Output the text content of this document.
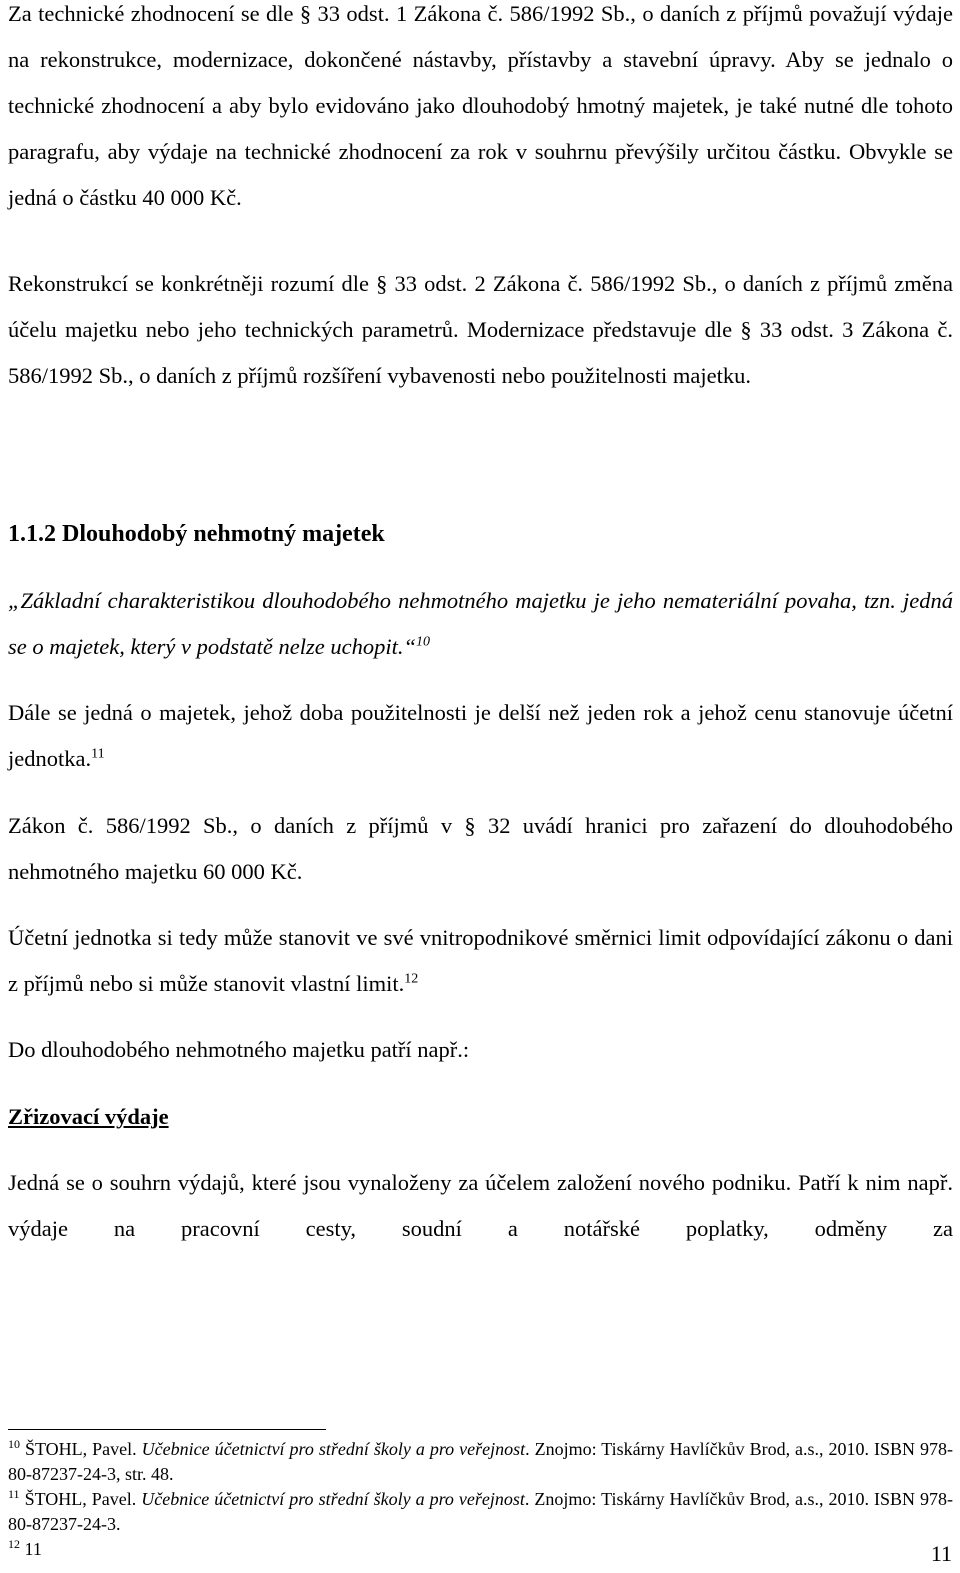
Za technické zhodnocení se dle § 33 odst. 1 Zákona č. 586/1992 Sb., o daních z příjmů považují výdaje na rekonstrukce, modernizace, dokončené nástavby, přístavby a stavební úpravy. Aby se jednalo o technické zhodnocení a aby bylo evidováno jako dlouhodobý hmotný majetek, je také nutné dle tohoto paragrafu, aby výdaje na technické zhodnocení za rok v souhrnu převýšily určitou částku. Obvykle se jedná o částku 40 000 Kč.

Rekonstrukcí se konkrétněji rozumí dle § 33 odst. 2 Zákona č. 586/1992 Sb., o daních z příjmů změna účelu majetku nebo jeho technických parametrů. Modernizace představuje dle § 33 odst. 3 Zákona č. 586/1992 Sb., o daních z příjmů rozšíření vybavenosti nebo použitelnosti majetku.

1.1.2 Dlouhodobý nehmotný majetek

„Základní charakteristikou dlouhodobého nehmotného majetku je jeho nemateriální povaha, tzn. jedná se o majetek, který v podstatě nelze uchopit.“$^{10}$

Dále se jedná o majetek, jehož doba použitelnosti je delší než jeden rok a jehož cenu stanovuje účetní jednotka.$^{11}$

Zákon č. 586/1992 Sb., o daních z příjmů v § 32 uvádí hranici pro zařazení do dlouhodobého nehmotného majetku 60 000 Kč.

Účetní jednotka si tedy může stanovit ve své vnitropodnikové směrnici limit odpovídající zákonu o dani z příjmů nebo si může stanovit vlastní limit.$^{12}$

Do dlouhodobého nehmotného majetku patří např.:

Zřizovací výdaje

Jedná se o souhrn výdajů, které jsou vynaloženy za účelem založení nového podniku. Patří k nim např. výdaje na pracovní cesty, soudní a notářské poplatky, odměny za

$^{10}$ ŠTOHL, Pavel. Učebnice účetnictví pro střední školy a pro veřejnost. Znojmo: Tiskárny Havlíčkův Brod, a.s., 2010. ISBN 978-80-87237-24-3, str. 48.

$^{11}$ ŠTOHL, Pavel. Učebnice účetnictví pro střední školy a pro veřejnost. Znojmo: Tiskárny Havlíčkův Brod, a.s., 2010. ISBN 978-80-87237-24-3.

$^{12}$ 11	11
